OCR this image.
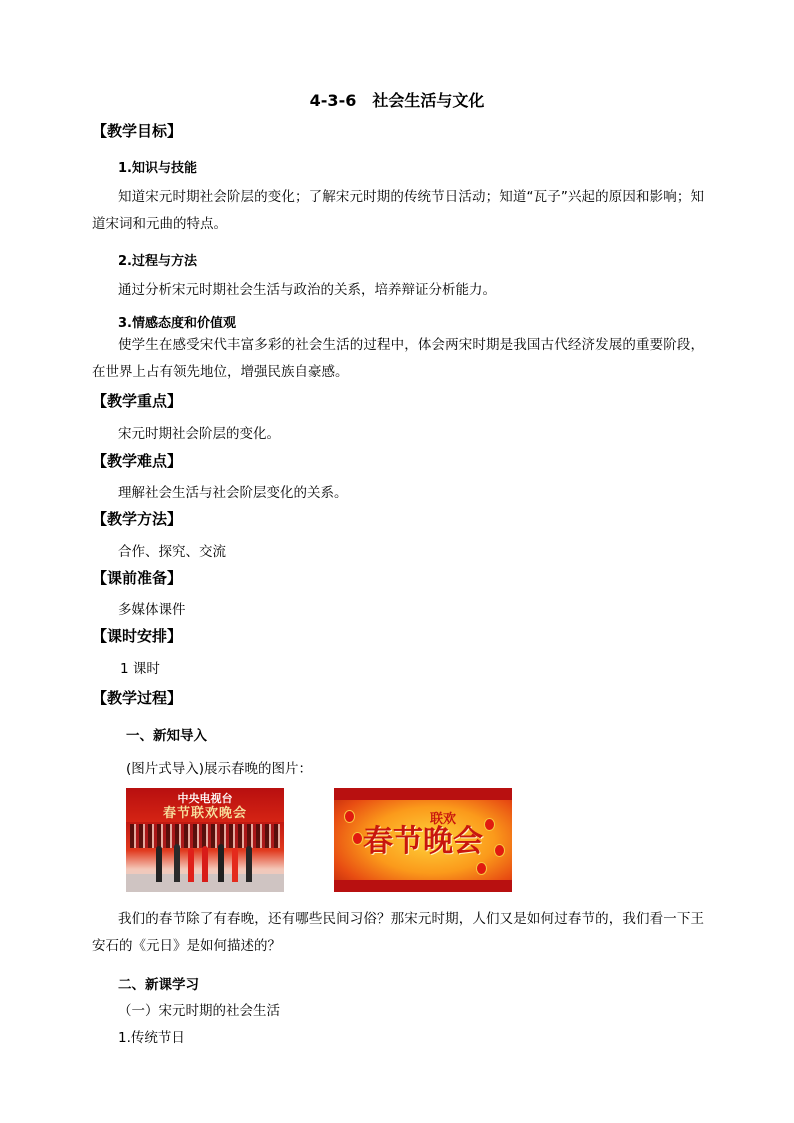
4-3-6　社会生活与文化
【教学目标】
1.知识与技能
知道宋元时期社会阶层的变化；了解宋元时期的传统节日活动；知道“瓦子”兴起的原因和影响；知道宋词和元曲的特点。
2.过程与方法
通过分析宋元时期社会生活与政治的关系，培养辩证分析能力。
3.情感态度和价值观
使学生在感受宋代丰富多彩的社会生活的过程中，体会两宋时期是我国古代经济发展的重要阶段，在世界上占有领先地位，增强民族自豪感。
【教学重点】
宋元时期社会阶层的变化。
【教学难点】
理解社会生活与社会阶层变化的关系。
【教学方法】
合作、探究、交流
【课前准备】
多媒体课件
【课时安排】
1 课时
【教学过程】
一、新知导入
(图片式导入)展示春晚的图片：
中央电视台
春节联欢晚会	联欢
春节晚会
我们的春节除了有春晚，还有哪些民间习俗？那宋元时期，人们又是如何过春节的，我们看一下王安石的《元日》是如何描述的？
二、新课学习
（一）宋元时期的社会生活
1.传统节日
